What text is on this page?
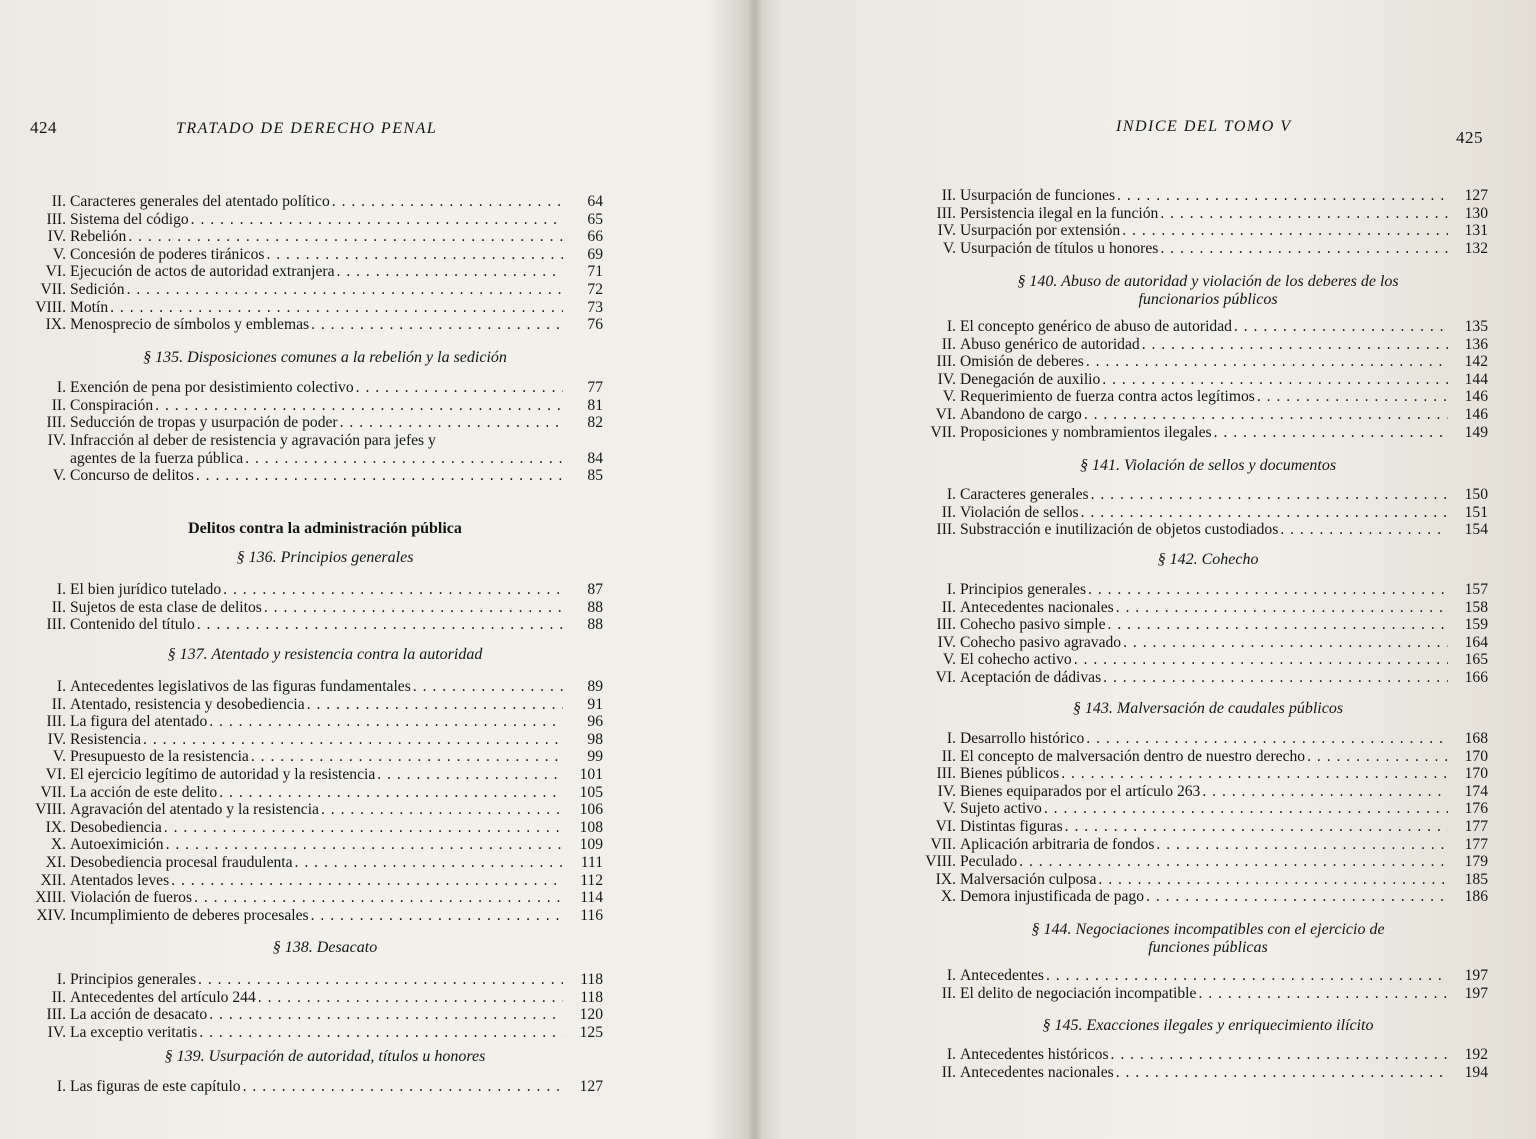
424	TRATADO DE DERECHO PENAL
II. Caracteres generales del atentado político . . .	64
III. Sistema del código . . .	65
IV. Rebelión . . .	66
V. Concesión de poderes tiránicos . . .	69
VI. Ejecución de actos de autoridad extranjera . . .	71
VII. Sedición . . .	72
VIII. Motín . . .	73
IX. Menosprecio de símbolos y emblemas . . .	76
§ 135. Disposiciones comunes a la rebelión y la sedición
I. Exención de pena por desistimiento colectivo . . .	77
II. Conspiración . . .	81
III. Seducción de tropas y usurpación de poder . . .	82
IV. Infracción al deber de resistencia y agravación para jefes y
agentes de la fuerza pública . . .	84
V. Concurso de delitos . . .	85
Delitos contra la administración pública
§ 136. Principios generales
I. El bien jurídico tutelado . . .	87
II. Sujetos de esta clase de delitos . . .	88
III. Contenido del título . . .	88
§ 137. Atentado y resistencia contra la autoridad
I. Antecedentes legislativos de las figuras fundamentales . . .	89
II. Atentado, resistencia y desobediencia . . .	91
III. La figura del atentado . . .	96
IV. Resistencia . . .	98
V. Presupuesto de la resistencia . . .	99
VI. El ejercicio legítimo de autoridad y la resistencia . . .	101
VII. La acción de este delito . . .	105
VIII. Agravación del atentado y la resistencia . . .	106
IX. Desobediencia . . .	108
X. Autoeximición . . .	109
XI. Desobediencia procesal fraudulenta . . .	111
XII. Atentados leves . . .	112
XIII. Violación de fueros . . .	114
XIV. Incumplimiento de deberes procesales . . .	116
§ 138. Desacato
I. Principios generales . . .	118
II. Antecedentes del artículo 244 . . .	118
III. La acción de desacato . . .	120
IV. La exceptio veritatis . . .	125
§ 139. Usurpación de autoridad, títulos u honores
I. Las figuras de este capítulo . . .	127
INDICE DEL TOMO V
425
II. Usurpación de funciones . . .	127
III. Persistencia ilegal en la función . . .	130
IV. Usurpación por extensión . . .	131
V. Usurpación de títulos u honores . . .	132
§ 140. Abuso de autoridad y violación de los deberes de los
funcionarios públicos
I. El concepto genérico de abuso de autoridad . . .	135
II. Abuso genérico de autoridad . . .	136
III. Omisión de deberes . . .	142
IV. Denegación de auxilio . . .	144
V. Requerimiento de fuerza contra actos legítimos . . .	146
VI. Abandono de cargo . . .	146
VII. Proposiciones y nombramientos ilegales . . .	149
§ 141. Violación de sellos y documentos
I. Caracteres generales . . .	150
II. Violación de sellos . . .	151
III. Substracción e inutilización de objetos custodiados . . .	154
§ 142. Cohecho
I. Principios generales . . .	157
II. Antecedentes nacionales . . .	158
III. Cohecho pasivo simple . . .	159
IV. Cohecho pasivo agravado . . .	164
V. El cohecho activo . . .	165
VI. Aceptación de dádivas . . .	166
§ 143. Malversación de caudales públicos
I. Desarrollo histórico . . .	168
II. El concepto de malversación dentro de nuestro derecho . . .	170
III. Bienes públicos . . .	170
IV. Bienes equiparados por el artículo 263 . . .	174
V. Sujeto activo . . .	176
VI. Distintas figuras . . .	177
VII. Aplicación arbitraria de fondos . . .	177
VIII. Peculado . . .	179
IX. Malversación culposa . . .	185
X. Demora injustificada de pago . . .	186
§ 144. Negociaciones incompatibles con el ejercicio de
funciones públicas
I. Antecedentes . . .	197
II. El delito de negociación incompatible . . .	197
§ 145. Exacciones ilegales y enriquecimiento ilícito
I. Antecedentes históricos . . .	192
II. Antecedentes nacionales . . .	194
